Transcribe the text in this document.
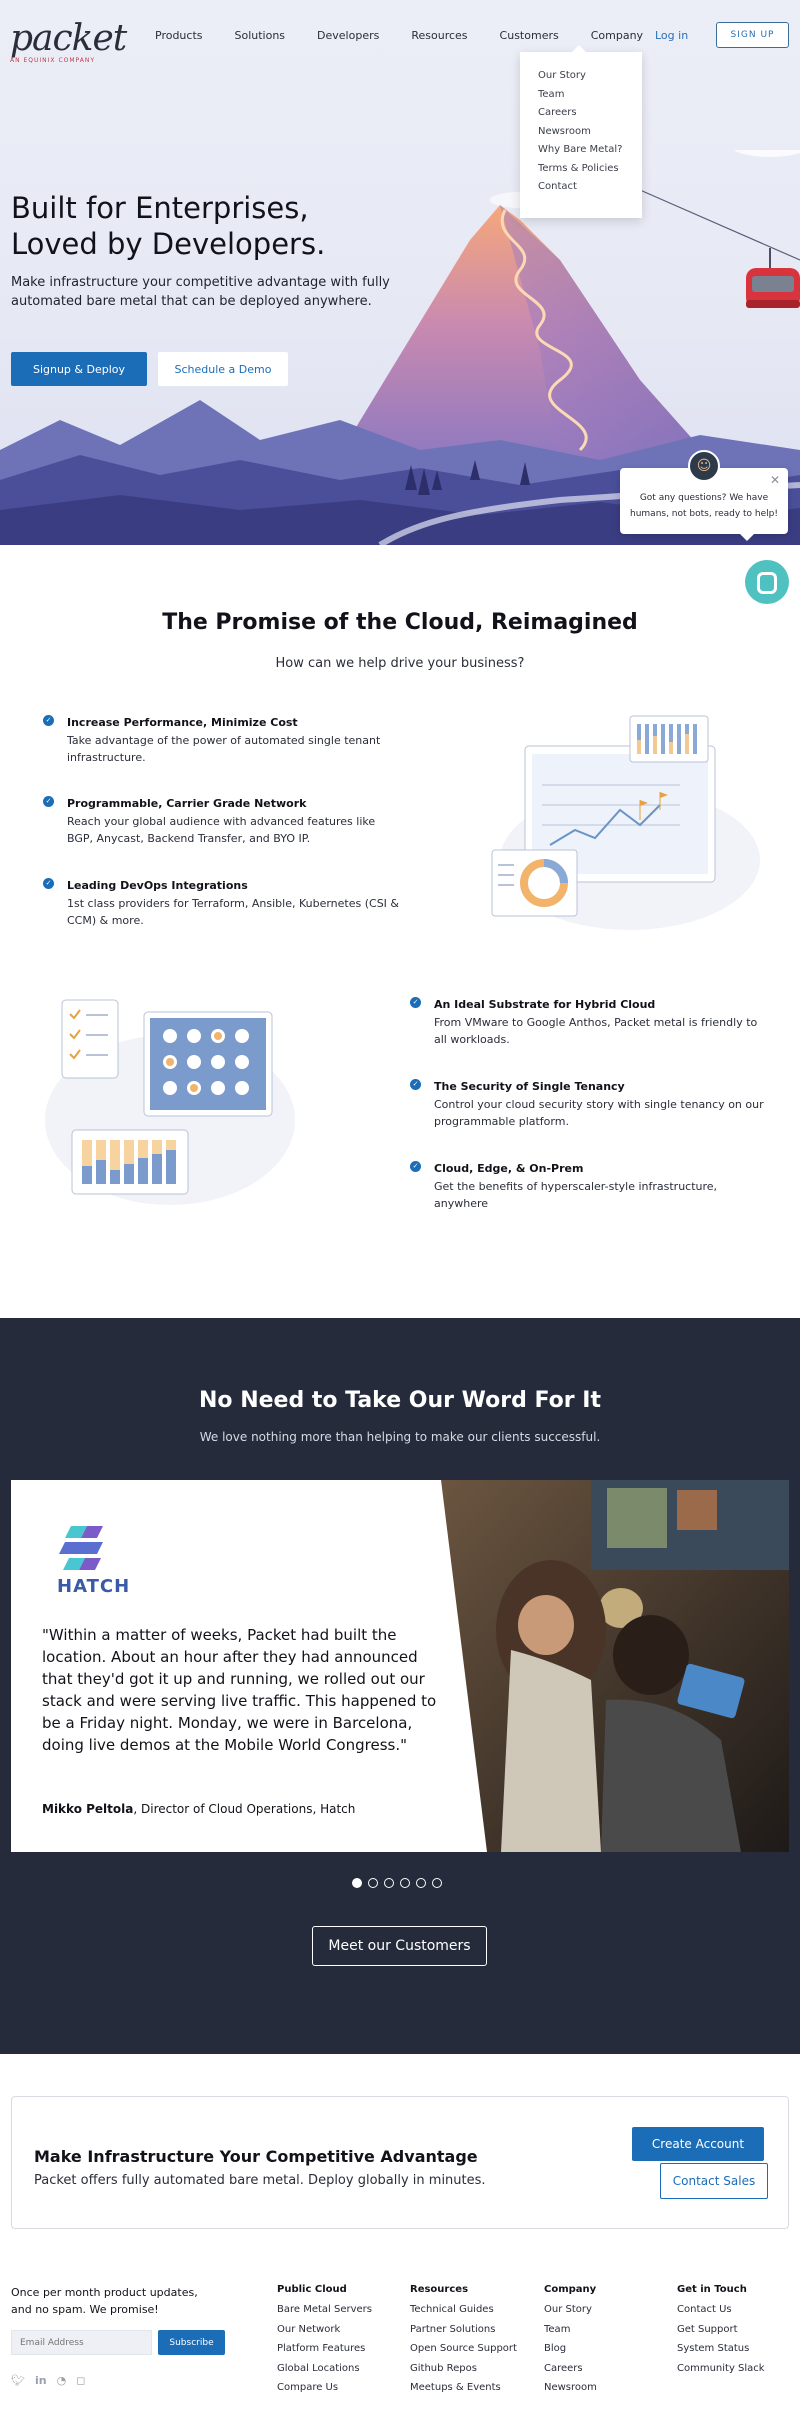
packet
AN EQUINIX COMPANY
Products	Solutions	Developers	Resources	Customers	Company Log in	SIGN UP
Built for Enterprises,
Loved by Developers.

Make infrastructure your competitive advantage with fully automated bare metal that can be deployed anywhere.

Signup & Deploy	Schedule a Demo
Our Story
Team
Careers
Newsroom
Why Bare Metal?
Terms & Policies
Contact
☺
✕
Got any questions? We have humans, not bots, ready to help!
The Promise of the Cloud, Reimagined

How can we help drive your business?

✓ Increase Performance, Minimize Cost
Take advantage of the power of automated single tenant infrastructure.
✓ Programmable, Carrier Grade Network
Reach your global audience with advanced features like BGP, Anycast, Backend Transfer, and BYO IP.
✓ Leading DevOps Integrations
1st class providers for Terraform, Ansible, Kubernetes (CSI & CCM) & more.
✓ An Ideal Substrate for Hybrid Cloud
From VMware to Google Anthos, Packet metal is friendly to all workloads.
✓ The Security of Single Tenancy
Control your cloud security story with single tenancy on our programmable platform.
✓ Cloud, Edge, & On-Prem
Get the benefits of hyperscaler-style infrastructure, anywhere
No Need to Take Our Word For It

We love nothing more than helping to make our clients successful.

HATCH

"Within a matter of weeks, Packet had built the location. About an hour after they had announced that they'd got it up and running, we rolled out our stack and were serving live traffic. This happened to be a Friday night. Monday, we were in Barcelona, doing live demos at the Mobile World Congress."

Mikko Peltola, Director of Cloud Operations, Hatch

Meet our Customers
Make Infrastructure Your Competitive Advantage

Packet offers fully automated bare metal. Deploy globally in minutes.

Create Account
Contact Sales

Once per month product updates, and no spam. We promise!

Email Address
Subscribe
🐦︎ in ◔ ◻
Public Cloud
Bare Metal Servers
Our Network
Platform Features
Global Locations
Compare Us
Resources
Technical Guides
Partner Solutions
Open Source Support
Github Repos
Meetups & Events
Company
Our Story
Team
Blog
Careers
Newsroom
Get in Touch
Contact Us
Get Support
System Status
Community Slack
